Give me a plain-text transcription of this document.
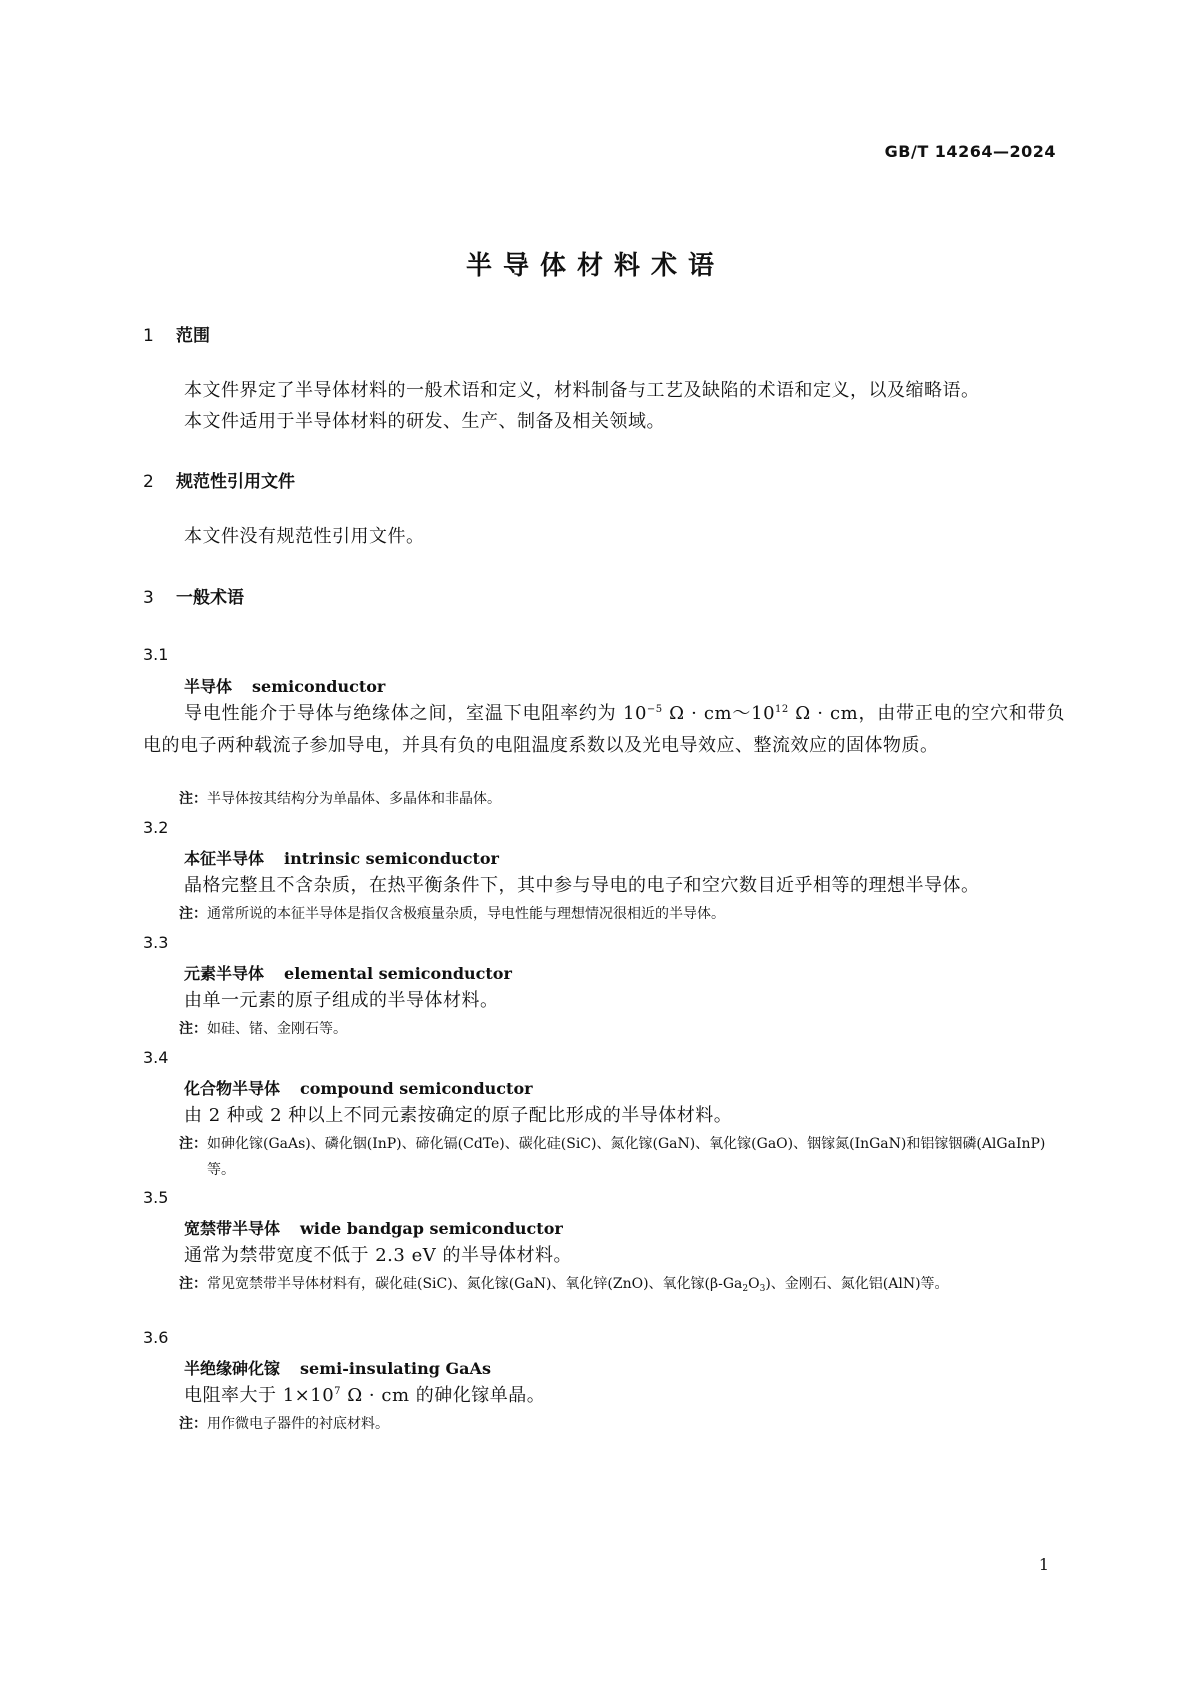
GB/T 14264—2024
半导体材料术语
1 范围
本文件界定了半导体材料的一般术语和定义，材料制备与工艺及缺陷的术语和定义，以及缩略语。
本文件适用于半导体材料的研发、生产、制备及相关领域。
2 规范性引用文件
本文件没有规范性引用文件。
3 一般术语
3.1
半导体 semiconductor
导电性能介于导体与绝缘体之间，室温下电阻率约为 $10^{-5}$ $\Omega \cdot cm\sim 10^{12}$ Ω · cm，由带正电的空穴和带负电的电子两种载流子参加导电，并具有负的电阻温度系数以及光电导效应、整流效应的固体物质。
注： 半导体按其结构分为单晶体、多晶体和非晶体。
3.2
本征半导体 intrinsic semiconductor
晶格完整且不含杂质，在热平衡条件下，其中参与导电的电子和空穴数目近乎相等的理想半导体。
注： 通常所说的本征半导体是指仅含极痕量杂质，导电性能与理想情况很相近的半导体。
3.3
元素半导体 elemental semiconductor
由单一元素的原子组成的半导体材料。
注： 如硅、锗、金刚石等。
3.4
化合物半导体 compound semiconductor
由 2 种或 2 种以上不同元素按确定的原子配比形成的半导体材料。
注： 如砷化镓(GaAs)、磷化铟(InP)、碲化镉(CdTe)、碳化硅(SiC)、氮化镓(GaN)、氧化镓(GaO)、铟镓氮(InGaN)和铝镓铟磷(AlGaInP)等。
3.5
宽禁带半导体 wide bandgap semiconductor
通常为禁带宽度不低于 2.3 eV 的半导体材料。
注： 常见宽禁带半导体材料有，碳化硅(SiC)、氮化镓(GaN)、氧化锌(ZnO)、氧化镓$(\beta-Ga_2O_3)$、金刚石、氮化铝(AlN)等。
3.6
半绝缘砷化镓 semi-insulating GaAs
电阻率大于 $1\times 10^7$ Ω · cm 的砷化镓单晶。
注： 用作微电子器件的衬底材料。
1
